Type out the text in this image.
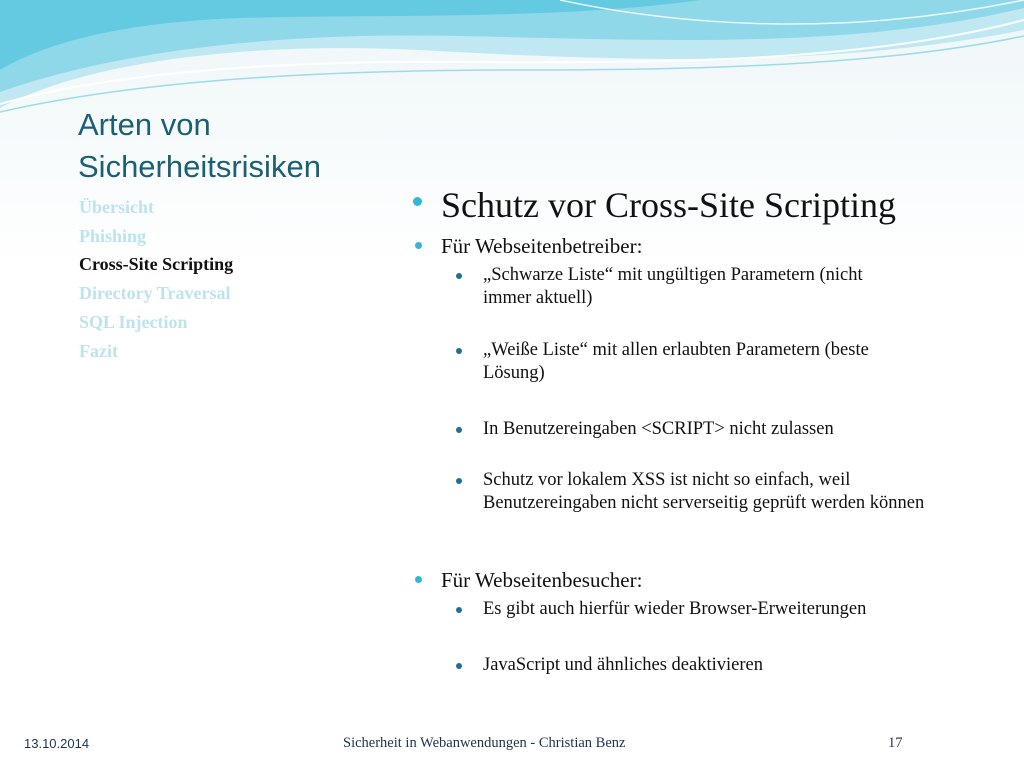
Arten von Sicherheitsrisiken
Übersicht
Phishing
Cross-Site Scripting
Directory Traversal
SQL Injection
Fazit
Schutz vor Cross-Site Scripting
Für Webseitenbetreiber:
„Schwarze Liste“ mit ungültigen Parametern (nicht immer aktuell)
„Weiße Liste“ mit allen erlaubten Parametern (beste Lösung)
In Benutzereingaben <SCRIPT> nicht zulassen
Schutz vor lokalem XSS ist nicht so einfach, weil Benutzereingaben nicht serverseitig geprüft werden können
Für Webseitenbesucher:
Es gibt auch hierfür wieder Browser-Erweiterungen
JavaScript und ähnliches deaktivieren
13.10.2014	Sicherheit in Webanwendungen - Christian Benz	17
